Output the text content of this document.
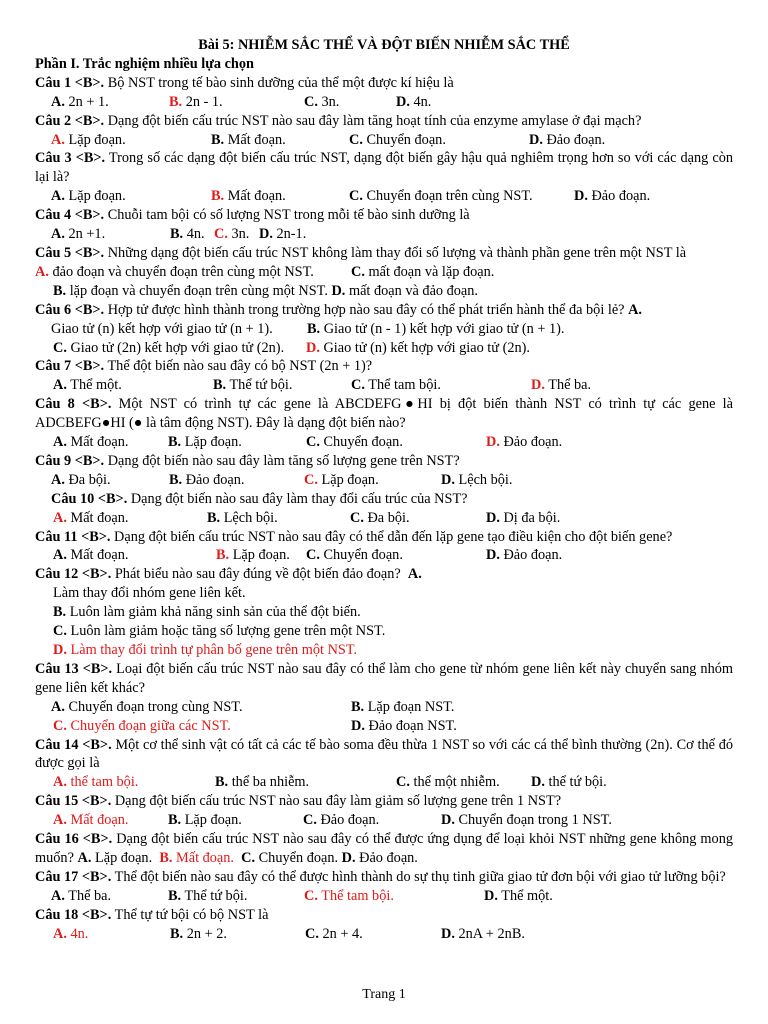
Bài 5: NHIỄM SẮC THỂ VÀ ĐỘT BIẾN NHIỄM SẮC THỂ
Phần I. Trắc nghiệm nhiều lựa chọn
Câu 1 <B>. Bộ NST trong tế bào sinh dưỡng của thể một được kí hiệu là
A. 2n + 1.	B. 2n - 1.	C. 3n.	D. 4n.
Câu 2 <B>. Dạng đột biến cấu trúc NST nào sau đây làm tăng hoạt tính của enzyme amylase ở đại mạch?
A. Lặp đoạn.	B. Mất đoạn.	C. Chuyển đoạn.	D. Đảo đoạn.
Câu 3 <B>. Trong số các dạng đột biến cấu trúc NST, dạng đột biến gây hậu quả nghiêm trọng hơn so với các dạng còn lại là?
A. Lặp đoạn.	B. Mất đoạn.	C. Chuyển đoạn trên cùng NST.	D. Đảo đoạn.
Câu 4 <B>. Chuỗi tam bội có số lượng NST trong mỗi tế bào sinh dưỡng là
A. 2n +1.	B. 4n. C. 3n. D. 2n-1.
Câu 5 <B>. Những dạng đột biến cấu trúc NST không làm thay đổi số lượng và thành phần gene trên một NST là
A. đảo đoạn và chuyển đoạn trên cùng một NST.	C. mất đoạn và lặp đoạn.
B. lặp đoạn và chuyển đoạn trên cùng một NST. D. mất đoạn và đảo đoạn.
Câu 6 <B>. Hợp tử được hình thành trong trường hợp nào sau đây có thể phát triển hành thể đa bội lẻ? A.
Giao tử (n) kết hợp với giao tử (n + 1).	B. Giao tử (n - 1) kết hợp với giao tử (n + 1).
C. Giao tử (2n) kết hợp với giao tử (2n).	D. Giao tử (n) kết hợp với giao tử (2n).
Câu 7 <B>. Thể đột biến nào sau đây có bộ NST (2n + 1)?
A. Thể một.	B. Thể tứ bội.	C. Thể tam bội.	D. Thể ba.
Câu 8 <B>. Một NST có trình tự các gene là ABCDEFG●HI bị đột biến thành NST có trình tự các gene là ADCBEFG●HI (● là tâm động NST). Đây là dạng đột biến nào?
A. Mất đoạn.	B. Lặp đoạn.	C. Chuyển đoạn.	D. Đảo đoạn.
Câu 9 <B>. Dạng đột biến nào sau đây làm tăng số lượng gene trên NST?
A. Đa bội.	B. Đảo đoạn.	C. Lặp đoạn.	D. Lệch bội.
Câu 10 <B>. Dạng đột biến nào sau đây làm thay đổi cấu trúc của NST?
A. Mất đoạn.	B. Lệch bội.	C. Đa bội.	D. Dị đa bội.
Câu 11 <B>. Dạng đột biến cấu trúc NST nào sau đây có thể dẫn đến lặp gene tạo điều kiện cho đột biến gene?
A. Mất đoạn.	B. Lặp đoạn.	C. Chuyển đoạn.	D. Đảo đoạn.
Câu 12 <B>. Phát biểu nào sau đây đúng về đột biến đảo đoạn? A.
Làm thay đổi nhóm gene liên kết.
B. Luôn làm giảm khả năng sinh sản của thể đột biến.
C. Luôn làm giảm hoặc tăng số lượng gene trên một NST.
D. Làm thay đổi trình tự phân bố gene trên một NST.
Câu 13 <B>. Loại đột biến cấu trúc NST nào sau đây có thể làm cho gene từ nhóm gene liên kết này chuyển sang nhóm gene liên kết khác?
A. Chuyển đoạn trong cùng NST.	B. Lặp đoạn NST.
C. Chuyển đoạn giữa các NST.	D. Đảo đoạn NST.
Câu 14 <B>. Một cơ thể sinh vật có tất cả các tế bào soma đều thừa 1 NST so với các cá thể bình thường (2n). Cơ thể đó được gọi là
A. thể tam bội.	B. thể ba nhiễm.	C. thể một nhiễm.	D. thể tứ bội.
Câu 15 <B>. Dạng đột biến cấu trúc NST nào sau đây làm giảm số lượng gene trên 1 NST?
A. Mất đoạn.	B. Lặp đoạn.	C. Đảo đoạn.	D. Chuyển đoạn trong 1 NST.
Câu 16 <B>. Dạng đột biến cấu trúc NST nào sau đây có thể được ứng dụng để loại khỏi NST những gene không mong muốn? A. Lặp đoạn. B. Mất đoạn. C. Chuyển đoạn. D. Đảo đoạn.
Câu 17 <B>. Thể đột biến nào sau đây có thể được hình thành do sự thụ tinh giữa giao tử đơn bội với giao tử lưỡng bội?
A. Thể ba.	B. Thể tứ bội.	C. Thể tam bội.	D. Thể một.
Câu 18 <B>. Thể tự tứ bội có bộ NST là
A. 4n.	B. 2n + 2.	C. 2n + 4.	D. 2nA + 2nB.
Trang 1
